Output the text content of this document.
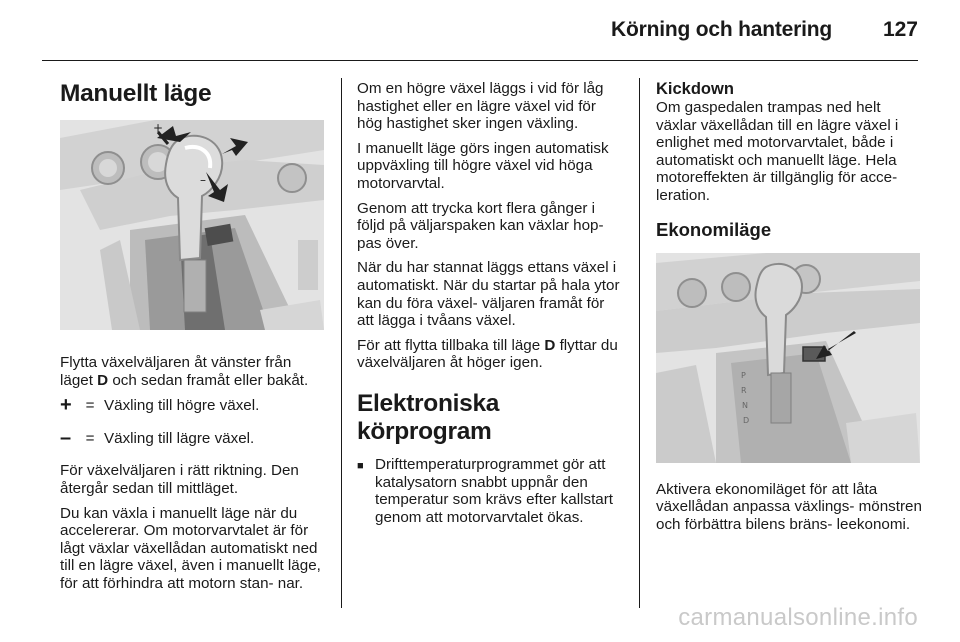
Körning och hantering 127
Manuellt läge
+
–

Flytta växelväljaren åt vänster från läget D och sedan framåt eller bakåt.

+ = Växling till högre växel.
– = Växling till lägre växel.

För växelväljaren i rätt riktning. Den återgår sedan till mittläget.

Du kan växla i manuellt läge när du accelererar. Om motorvarvtalet är för lågt växlar växellådan automatiskt ned till en lägre växel, även i manuellt läge, för att förhindra att motorn stan- nar.

Om en högre växel läggs i vid för låg hastighet eller en lägre växel vid för hög hastighet sker ingen växling.

I manuellt läge görs ingen automatisk uppväxling till högre växel vid höga motorvarvtal.

Genom att trycka kort flera gånger i följd på väljarspaken kan växlar hop- pas över.

När du har stannat läggs ettans växel i automatiskt. När du startar på hala ytor kan du föra växel- väljaren framåt för att lägga i tvåans växel.

För att flytta tillbaka till läge D flyttar du växelväljaren åt höger igen.

Elektroniska körprogram
■ Drifttemperaturprogrammet gör att katalysatorn snabbt uppnår den temperatur som krävs efter kallstart genom att motorvarvtalet ökas.
Kickdown

Om gaspedalen trampas ned helt växlar växellådan till en lägre växel i enlighet med motorvarvtalet, både i automatiskt och manuellt läge. Hela motoreffekten är tillgänglig för acce- leration.

Ekonomiläge
P
R
N
D

Aktivera ekonomiläget för att låta växellådan anpassa växlings- mönstren och förbättra bilens bräns- leekonomi.

carmanualsonline.info
